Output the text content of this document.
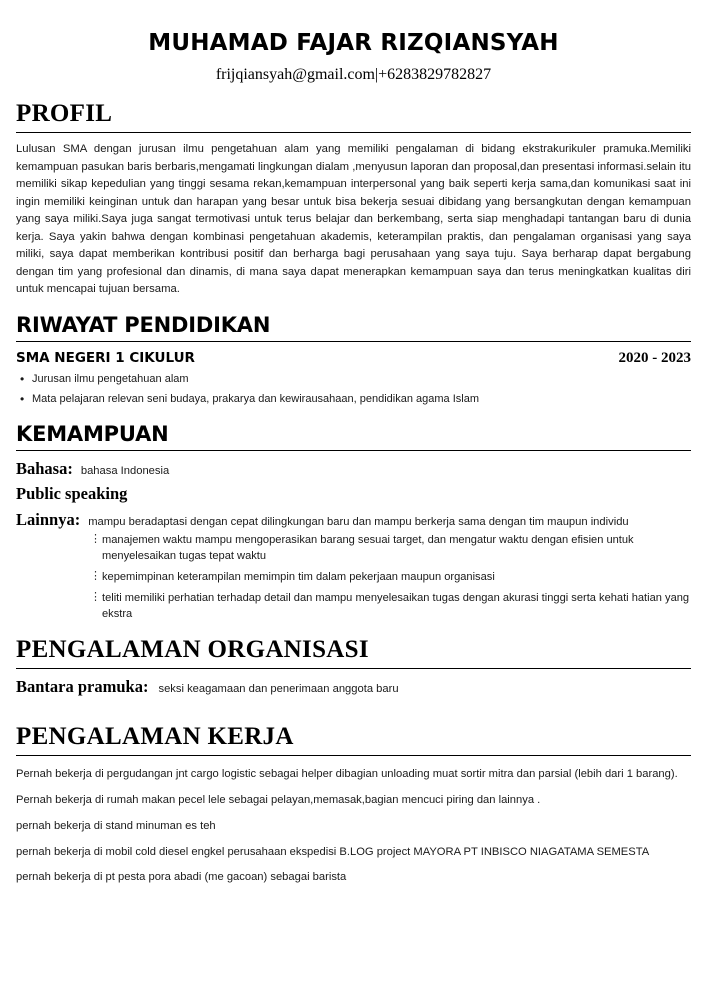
MUHAMAD FAJAR RIZQIANSYAH
frijqiansyah@gmail.com|+6283829782827
PROFIL

Lulusan SMA dengan jurusan ilmu pengetahuan alam yang memiliki pengalaman di bidang ekstrakurikuler pramuka.Memiliki kemampuan pasukan baris berbaris,mengamati lingkungan dialam ,menyusun laporan dan proposal,dan presentasi informasi.selain itu memiliki sikap kepedulian yang tinggi sesama rekan,kemampuan interpersonal yang baik seperti kerja sama,dan komunikasi saat ini ingin memiliki keinginan untuk dan harapan yang besar untuk bisa bekerja sesuai dibidang yang bersangkutan dengan kemampuan yang saya miliki.Saya juga sangat termotivasi untuk terus belajar dan berkembang, serta siap menghadapi tantangan baru di dunia kerja. Saya yakin bahwa dengan kombinasi pengetahuan akademis, keterampilan praktis, dan pengalaman organisasi yang saya miliki, saya dapat memberikan kontribusi positif dan berharga bagi perusahaan yang saya tuju. Saya berharap dapat bergabung dengan tim yang profesional dan dinamis, di mana saya dapat menerapkan kemampuan saya dan terus meningkatkan kualitas diri untuk mencapai tujuan bersama.

RIWAYAT PENDIDIKAN
SMA NEGERI 1 CIKULUR	2020 - 2023
• Jurusan ilmu pengetahuan alam
• Mata pelajaran relevan seni budaya, prakarya dan kewirausahaan, pendidikan agama Islam
KEMAMPUAN
Bahasa: bahasa Indonesia
Public speaking
Lainnya: mampu beradaptasi dengan cepat dilingkungan baru dan mampu berkerja sama dengan tim maupun individu
⋮ manajemen waktu mampu mengoperasikan barang sesuai target, dan mengatur waktu dengan efisien untuk menyelesaikan tugas tepat waktu
⋮ kepemimpinan keterampilan memimpin tim dalam pekerjaan maupun organisasi
⋮ teliti memiliki perhatian terhadap detail dan mampu menyelesaikan tugas dengan akurasi tinggi serta kehati hatian yang ekstra
PENGALAMAN ORGANISASI
Bantara pramuka: seksi keagamaan dan penerimaan anggota baru
PENGALAMAN KERJA
Pernah bekerja di pergudangan jnt cargo logistic sebagai helper dibagian unloading muat sortir mitra dan parsial (lebih dari 1 barang).
Pernah bekerja di rumah makan pecel lele sebagai pelayan,memasak,bagian mencuci piring dan lainnya .
pernah bekerja di stand minuman es teh
pernah bekerja di mobil cold diesel engkel perusahaan ekspedisi B.LOG project MAYORA PT INBISCO NIAGATAMA SEMESTA
pernah bekerja di pt pesta pora abadi (me gacoan) sebagai barista
